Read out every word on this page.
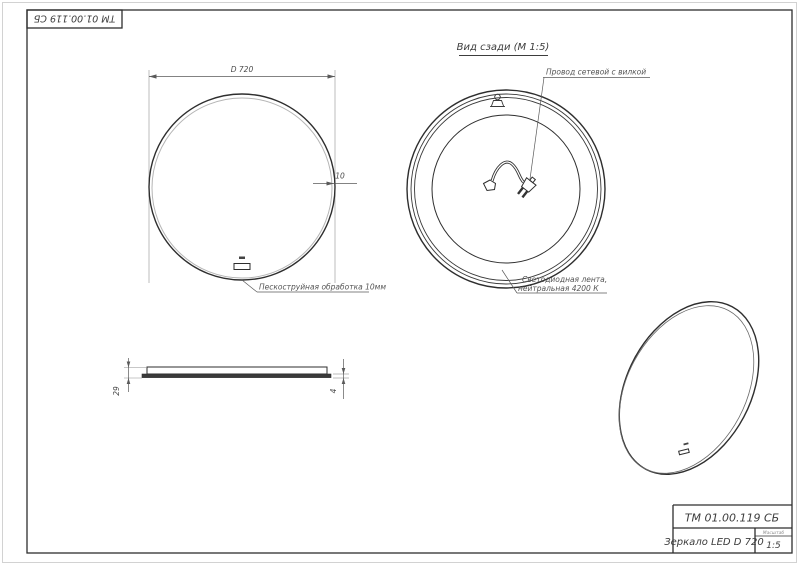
ТМ 01.00.119 СБ
D 720
10
Пескоструйная обработка 10мм
Вид сзади (М 1:5)
Провод сетевой с вилкой
Светодиодная лента,
нейтральная 4200 К
29	4
ТМ 01.00.119 СБ
Зеркало LED D 720
Масштаб
1:5
